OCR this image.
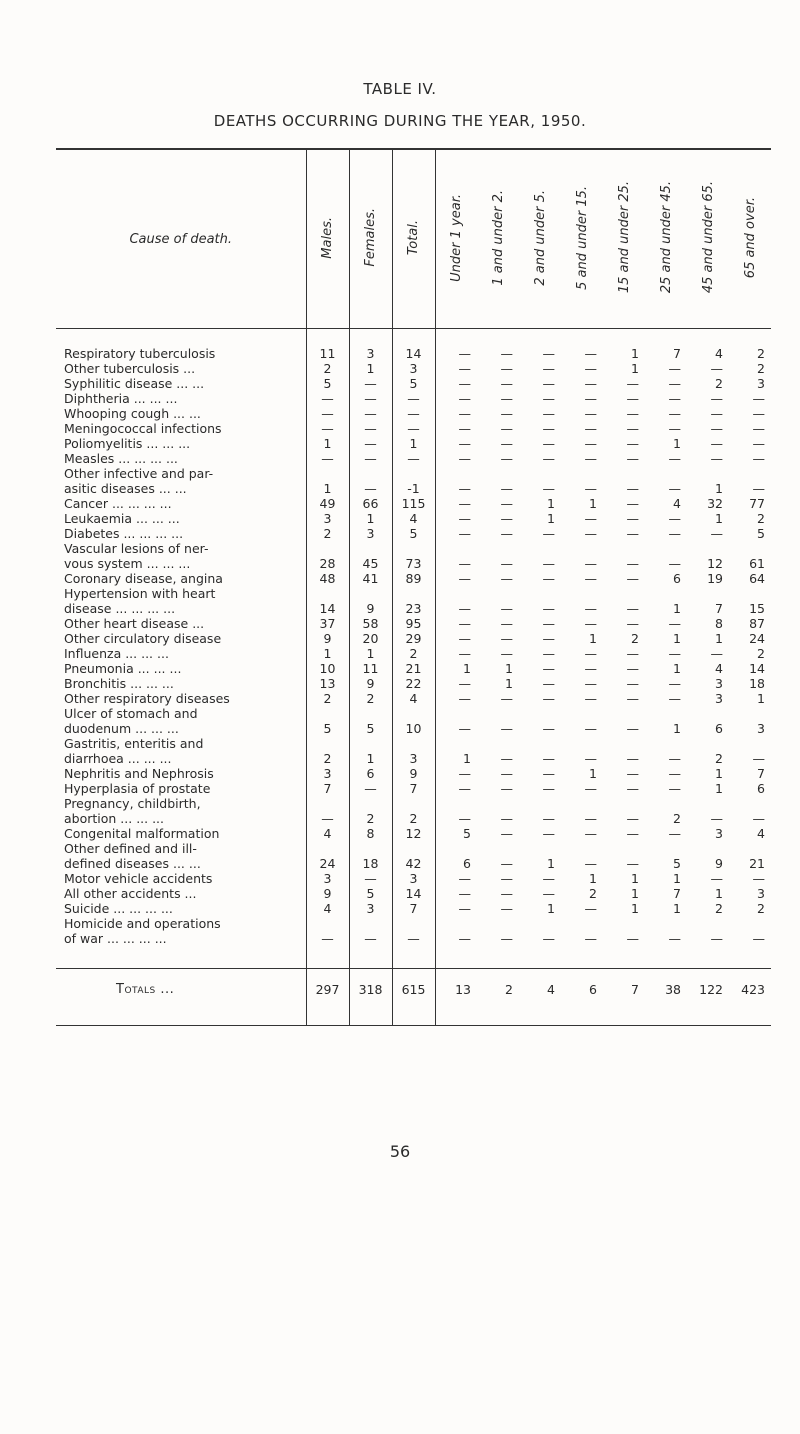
TABLE IV.
DEATHS OCCURRING DURING THE YEAR, 1950.
Cause of death.	Males.	Females.	Total.	Under 1 year.	1 and under 2.	2 and under 5.	5 and under 15.	15 and under 25.	25 and under 45.	45 and under 65.	65 and over.

Respiratory tuberculosis	11	3	14	—	—	—	—	1	7	4	2
Other tuberculosis ...	2	1	3	—	—	—	—	1	—	—	2
Syphilitic disease ... ...	5	—	5	—	—	—	—	—	—	2	3
Diphtheria ... ... ...	—	—	—	—	—	—	—	—	—	—	—
Whooping cough ... ...	—	—	—	—	—	—	—	—	—	—	—
Meningococcal infections	—	—	—	—	—	—	—	—	—	—	—
Poliomyelitis ... ... ...	1	—	1	—	—	—	—	—	1	—	—
Measles ... ... ... ...	—	—	—	—	—	—	—	—	—	—	—
Other infective and par-											
asitic diseases ... ...	1	—	-1	—	—	—	—	—	—	1	—
Cancer ... ... ... ...	49	66	115	—	—	1	1	—	4	32	77
Leukaemia ... ... ...	3	1	4	—	—	1	—	—	—	1	2
Diabetes ... ... ... ...	2	3	5	—	—	—	—	—	—	—	5
Vascular lesions of ner-											
vous system ... ... ...	28	45	73	—	—	—	—	—	—	12	61
Coronary disease, angina	48	41	89	—	—	—	—	—	6	19	64
Hypertension with heart											
disease ... ... ... ...	14	9	23	—	—	—	—	—	1	7	15
Other heart disease ...	37	58	95	—	—	—	—	—	—	8	87
Other circulatory disease	9	20	29	—	—	—	1	2	1	1	24
Influenza ... ... ...	1	1	2	—	—	—	—	—	—	—	2
Pneumonia ... ... ...	10	11	21	1	1	—	—	—	1	4	14
Bronchitis ... ... ...	13	9	22	—	1	—	—	—	—	3	18
Other respiratory diseases	2	2	4	—	—	—	—	—	—	3	1
Ulcer of stomach and											
duodenum ... ... ...	5	5	10	—	—	—	—	—	1	6	3
Gastritis, enteritis and											
diarrhoea ... ... ...	2	1	3	1	—	—	—	—	—	2	—
Nephritis and Nephrosis	3	6	9	—	—	—	1	—	—	1	7
Hyperplasia of prostate	7	—	7	—	—	—	—	—	—	1	6
Pregnancy, childbirth,											
abortion ... ... ...	—	2	2	—	—	—	—	—	2	—	—
Congenital malformation	4	8	12	5	—	—	—	—	—	3	4
Other defined and ill-											
defined diseases ... ...	24	18	42	6	—	1	—	—	5	9	21
Motor vehicle accidents	3	—	3	—	—	—	1	1	1	—	—
All other accidents ...	9	5	14	—	—	—	2	1	7	1	3
Suicide ... ... ... ...	4	3	7	—	—	1	—	1	1	2	2
Homicide and operations											
of war ... ... ... ...	—	—	—	—	—	—	—	—	—	—	—

Totals ...	297	318	615	13	2	4	6	7	38	122	423

56
